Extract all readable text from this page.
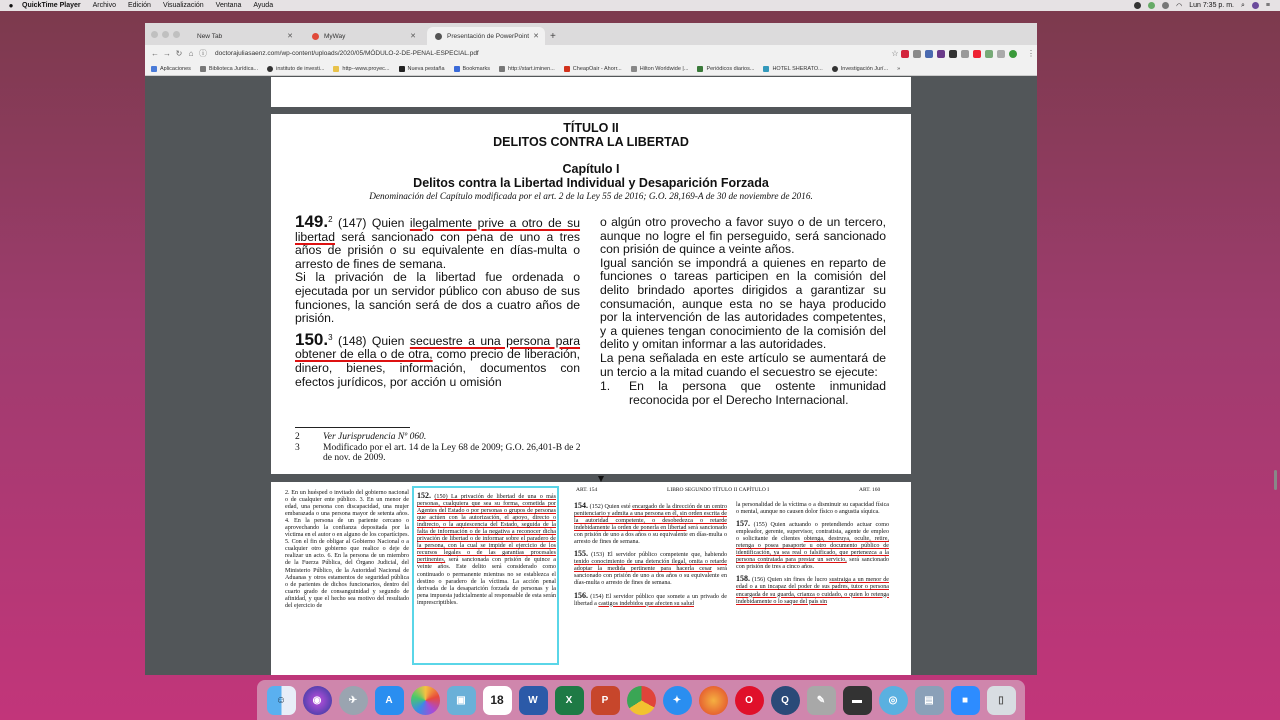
●	QuickTime Player Archivo Edición Visualización Ventana Ayuda	◠ Lun 7:35 p. m. ⌕	≡
New Tab	✕	MyWay	✕	Presentación de PowerPoint ✕ +
← → ↻ ⌂ ⓘ	doctorajuliasaenz.com/wp-content/uploads/2020/05/MÓDULO-2-DE-PENAL-ESPECIAL.pdf	☆	⋮
Aplicaciones	Biblioteca Jurídica...	instituto de investi...	http--www.proyec...	Nueva pestaña	Bookmarks	http://start.iminen...	CheapOair - Ahorr...	Hilton Worldwide |...	Periódicos diarios...	HOTEL SHERATO...	Investigación Jurí... »
TÍTULO II
DELITOS CONTRA LA LIBERTAD
Capítulo I
Delitos contra la Libertad Individual y Desaparición Forzada
Denominación del Capítulo modificada por el art. 2 de la Ley 55 de 2016; G.O. 28,169-A de 30 de noviembre de 2016.

149.$^2$ (147) Quien ilegalmente prive a otro de su libertad será sancionado con pena de uno a tres años de prisión o su equivalente en días-multa o arresto de fines de semana.

Si la privación de la libertad fue ordenada o ejecutada por un servidor público con abuso de sus funciones, la sanción será de dos a cuatro años de prisión.

150.$^3$ (148) Quien secuestre a una persona para obtener de ella o de otra, como precio de liberación, dinero, bienes, información, documentos con efectos jurídicos, por acción u omisión

2	Ver Jurisprudencia Nº 060.
3	Modificado por el art. 14 de la Ley 68 de 2009; G.O. 26,401-B de 2 de nov. de 2009.

o algún otro provecho a favor suyo o de un tercero, aunque no logre el fin perseguido, será sancionado con prisión de quince a veinte años.

Igual sanción se impondrá a quienes en reparto de funciones o tareas participen en la comisión del delito brindado aportes dirigidos a garantizar su consumación, aunque esta no se haya producido por la intervención de las autoridades competentes, y a quienes tengan conocimiento de la comisión del delito y omitan informar a las autoridades.

La pena señalada en este artículo se aumentará de un tercio a la mitad cuando el secuestro se ejecute:

1.	En la persona que ostente inmunidad reconocida por el Derecho Internacional.
2. En un huésped o invitado del gobierno nacional o de cualquier ente público. 3. En un menor de edad, una persona con discapacidad, una mujer embarazada o una persona mayor de setenta años. 4. En la persona de un pariente cercano o aprovechando la confianza depositada por la víctima en el autor o en alguno de los copartícipes. 5. Con el fin de obligar al Gobierno Nacional o a cualquier otro gobierno que realice o deje de realizar un acto. 6. En la persona de un miembro de la Fuerza Pública, del Órgano Judicial, del Ministerio Público, de la Autoridad Nacional de Aduanas y otros estamentos de seguridad pública o de parientes de dichos funcionarios, dentro del cuarto grado de consanguinidad y segundo de afinidad, y que el hecho sea motivo del resultado del ejercicio de
152. (150) La privación de libertad de una o más personas, cualquiera que sea su forma, cometida por Agentes del Estado o por personas o grupos de personas que actúen con la autorización, el apoyo, directo o indirecto, o la aquiescencia del Estado, seguida de la falta de información o de la negativa a reconocer dicha privación de libertad o de informar sobre el paradero de la persona, con la cual se impide el ejercicio de los recursos legales o de las garantías procesales pertinentes, será sancionada con prisión de quince a veinte años. Este delito será considerado como continuado o permanente mientras no se establezca el destino o paradero de la víctima. La acción penal derivada de la desaparición forzada de personas y la pena impuesta judicialmente al responsable de esta serán imprescriptibles.
ART. 154	LIBRO SEGUNDO TÍTULO II CAPÍTULO I	ART. 160

154. (152) Quien esté encargado de la dirección de un centro penitenciario y admita a una persona en él, sin orden escrita de la autoridad competente, o desobedezca o retarde indebidamente la orden de ponerla en libertad será sancionado con prisión de uno a dos años o su equivalente en días-multa o arresto de fines de semana.

155. (153) El servidor público competente que, habiendo tenido conocimiento de una detención ilegal, omita o retarde adoptar la medida pertinente para hacerla cesar será sancionado con prisión de uno a dos años o su equivalente en días-multa o arresto de fines de semana.

156. (154) El servidor público que somete a un privado de libertad a castigos indebidos que afecten su salud

la personalidad de la víctima o a disminuir su capacidad física o mental, aunque no causen dolor físico o angustia síquica.

157. (155) Quien actuando o pretendiendo actuar como empleador, gerente, supervisor, contratista, agente de empleo o solicitante de clientes obtenga, destruya, oculte, retire, retenga o posea pasaporte u otro documento público de identificación, ya sea real o falsificado, que pertenezca a la persona contratada para prestar un servicio, será sancionado con prisión de tres a cinco años.

158. (156) Quien sin fines de lucro sustraiga a un menor de edad o a un incapaz del poder de sus padres, tutor o persona encargada de su guarda, crianza o cuidado, o quien lo retenga indebidamente o lo saque del país sin

☺	◉	✈	A	▣	18	W	X	P	✦	O	Q	✎	▬	◎	▤	■	▯
